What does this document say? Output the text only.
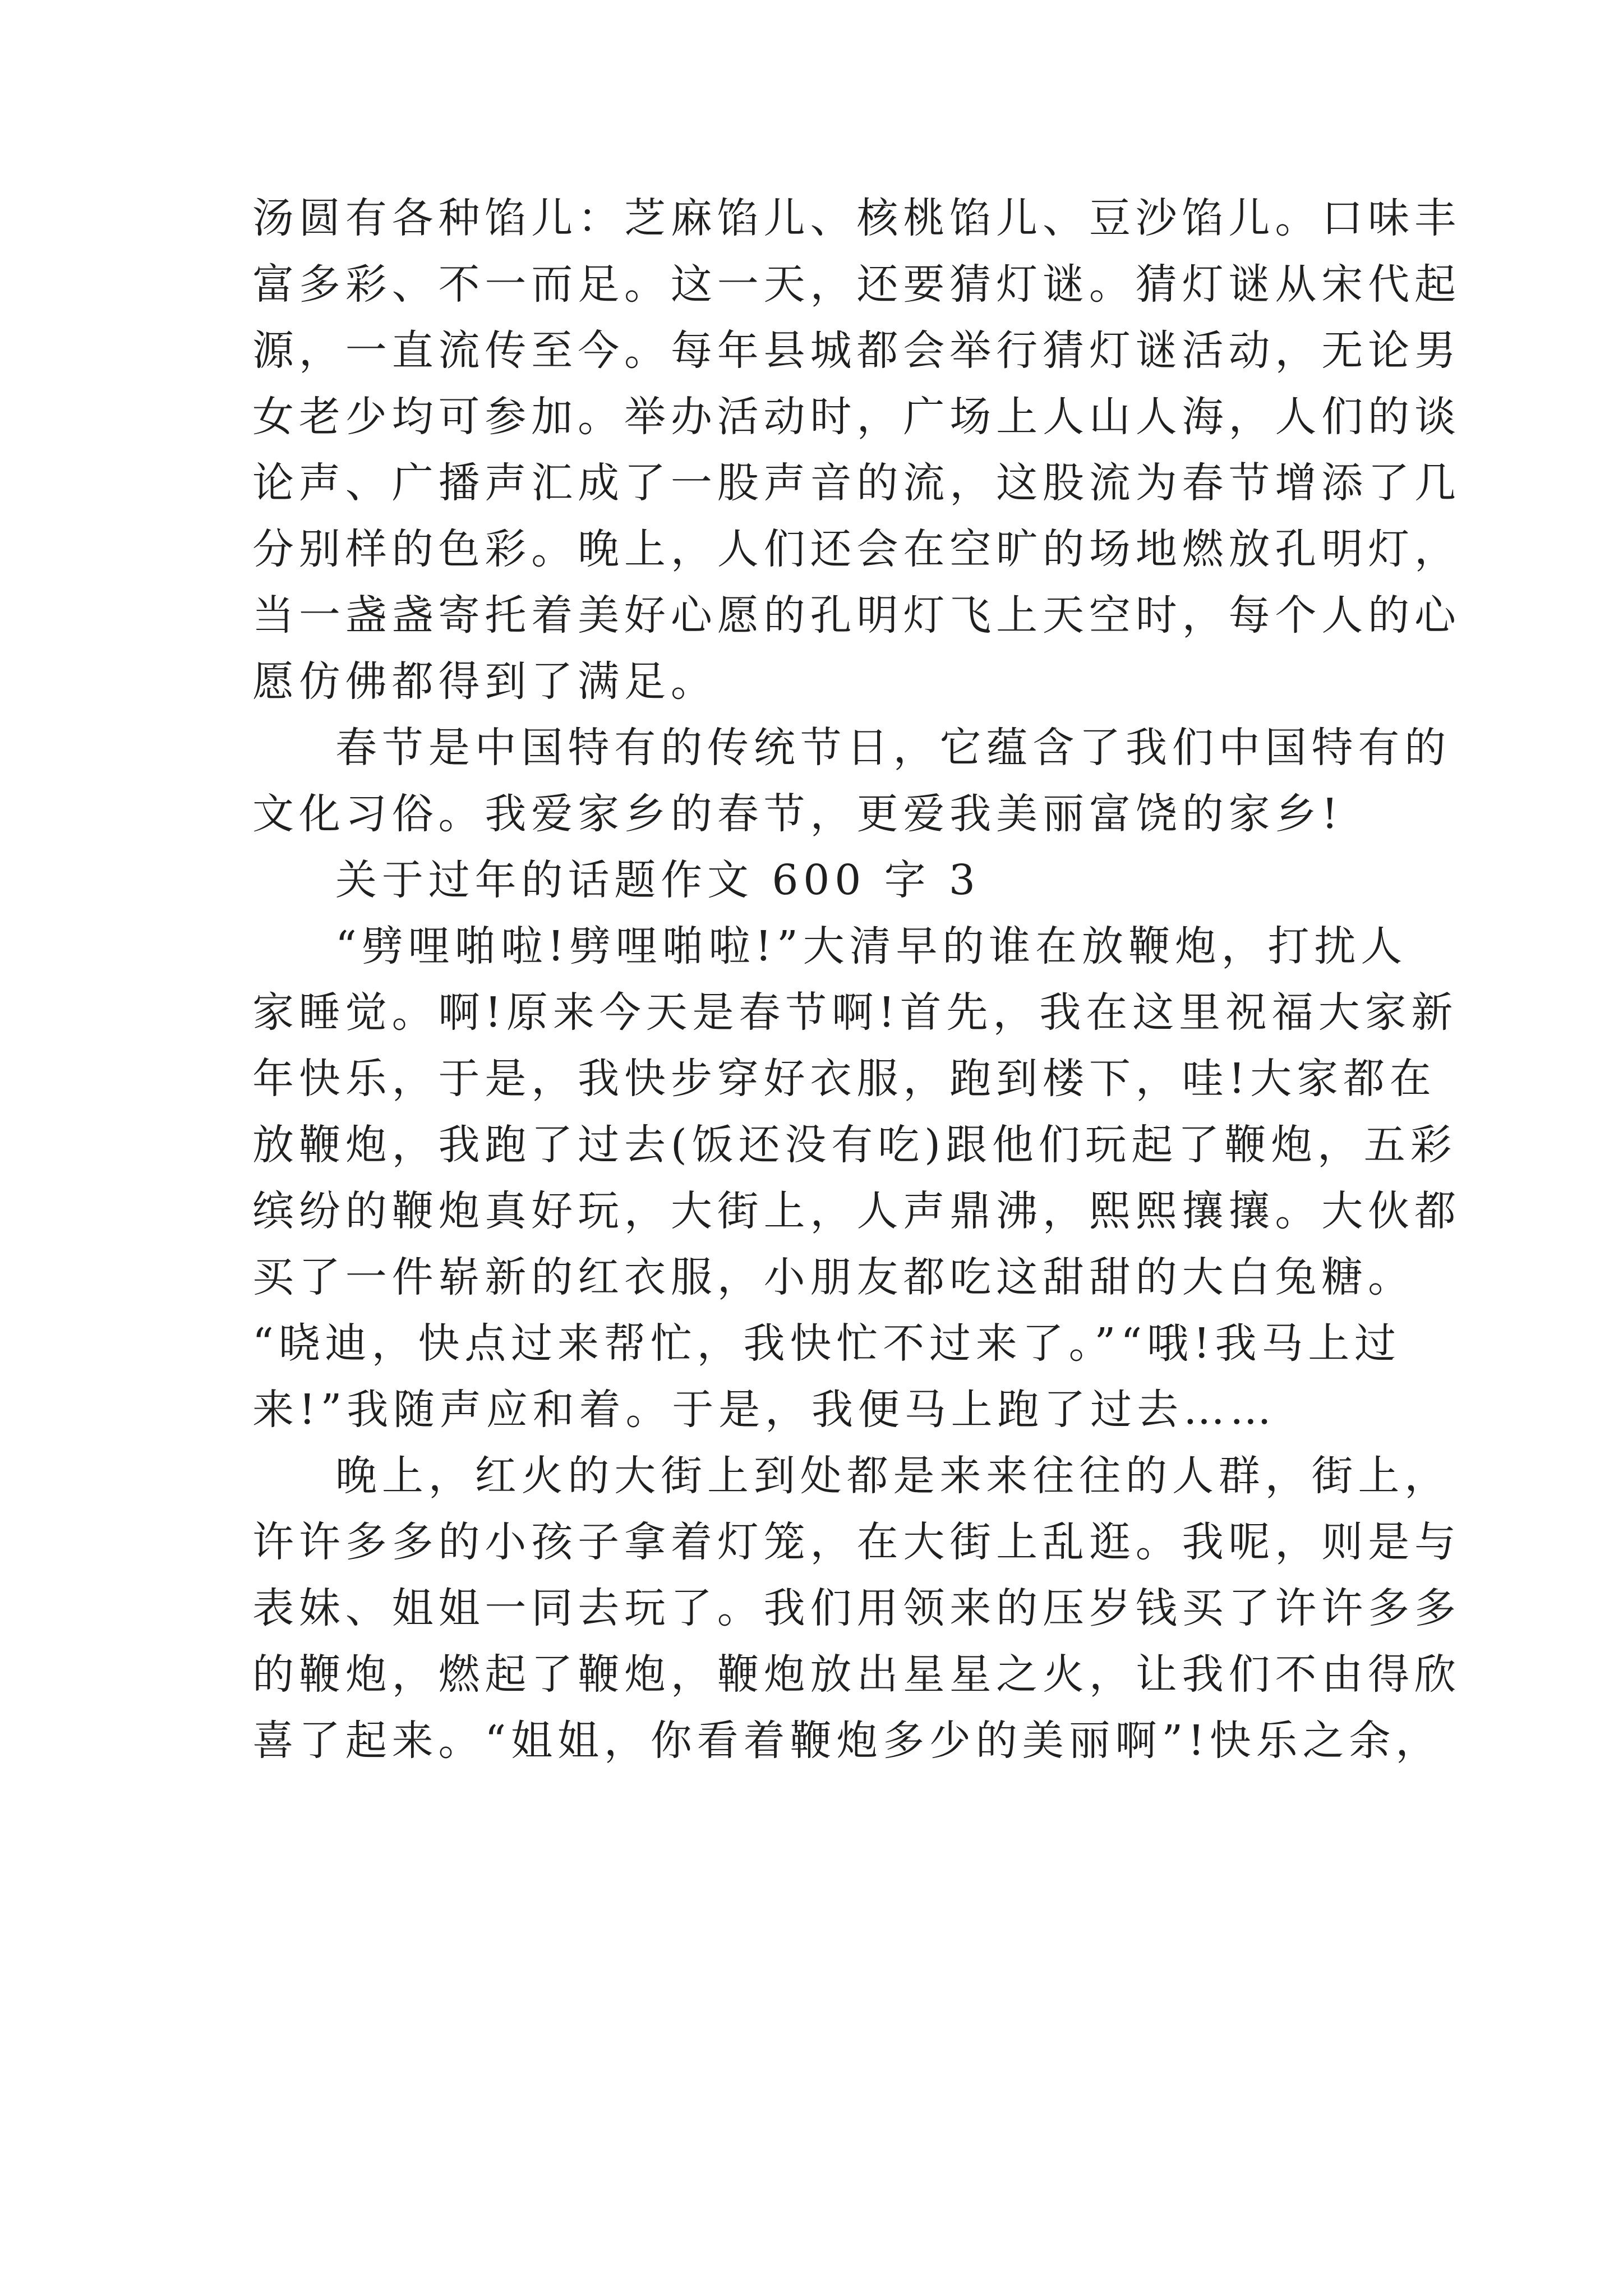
汤圆有各种馅儿：芝麻馅儿、核桃馅儿、豆沙馅儿。口味丰
富多彩、不一而足。这一天，还要猜灯谜。猜灯谜从宋代起
源，一直流传至今。每年县城都会举行猜灯谜活动，无论男
女老少均可参加。举办活动时，广场上人山人海，人们的谈
论声、广播声汇成了一股声音的流，这股流为春节增添了几
分别样的色彩。晚上，人们还会在空旷的场地燃放孔明灯，
当一盏盏寄托着美好心愿的孔明灯飞上天空时，每个人的心
愿仿佛都得到了满足。

春节是中国特有的传统节日，它蕴含了我们中国特有的
文化习俗。我爱家乡的春节，更爱我美丽富饶的家乡!

关于过年的话题作文 600 字 3

“劈哩啪啦!劈哩啪啦!”大清早的谁在放鞭炮，打扰人
家睡觉。啊!原来今天是春节啊!首先，我在这里祝福大家新
年快乐，于是，我快步穿好衣服，跑到楼下，哇!大家都在
放鞭炮，我跑了过去(饭还没有吃)跟他们玩起了鞭炮，五彩
缤纷的鞭炮真好玩，大街上，人声鼎沸，熙熙攘攘。大伙都
买了一件崭新的红衣服，小朋友都吃这甜甜的大白兔糖。
“晓迪，快点过来帮忙，我快忙不过来了。”“哦!我马上过
来!”我随声应和着。于是，我便马上跑了过去……

晚上，红火的大街上到处都是来来往往的人群，街上，
许许多多的小孩子拿着灯笼，在大街上乱逛。我呢，则是与
表妹、姐姐一同去玩了。我们用领来的压岁钱买了许许多多
的鞭炮，燃起了鞭炮，鞭炮放出星星之火，让我们不由得欣
喜了起来。“姐姐，你看着鞭炮多少的美丽啊”!快乐之余，
